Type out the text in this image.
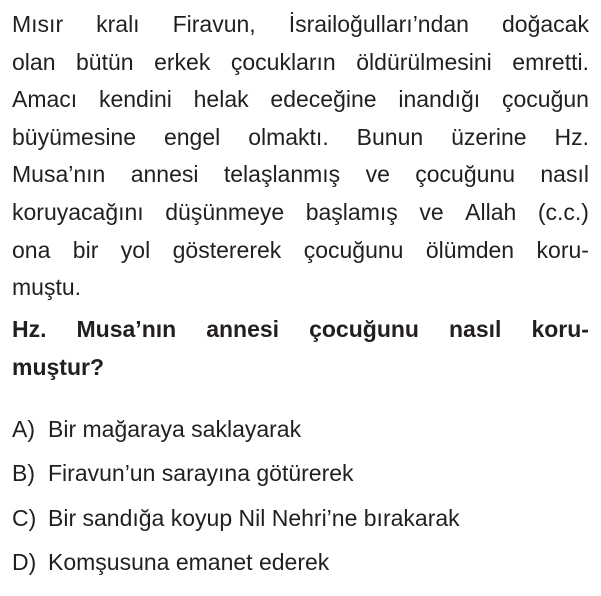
Mısır kralı Firavun, İsrailoğulları’ndan doğacak
olan bütün erkek çocukların öldürülmesini emretti.
Amacı kendini helak edeceğine inandığı çocuğun
büyümesine engel olmaktı. Bunun üzerine Hz.
Musa’nın annesi telaşlanmış ve çocuğunu nasıl
koruyacağını düşünmeye başlamış ve Allah (c.c.)
ona bir yol göstererek çocuğunu ölümden koru-
muştu.
Hz. Musa’nın annesi çocuğunu nasıl koru-
muştur?
A) Bir mağaraya saklayarak
B) Firavun’un sarayına götürerek
C) Bir sandığa koyup Nil Nehri’ne bırakarak
D) Komşusuna emanet ederek
